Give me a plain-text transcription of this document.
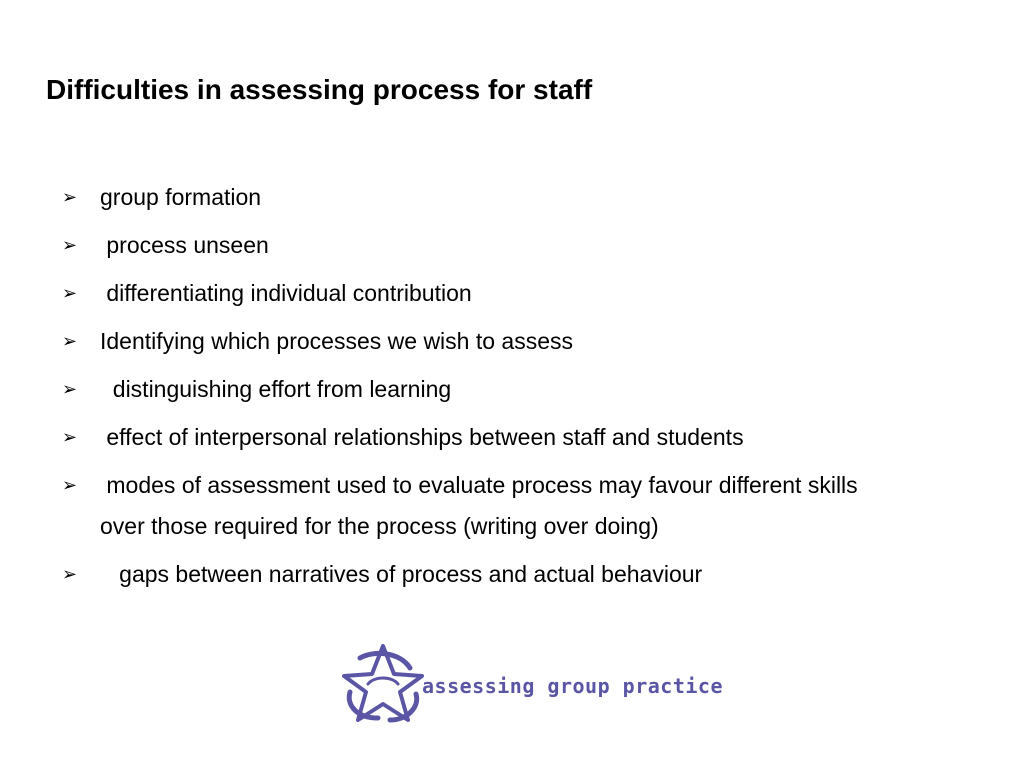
Difficulties in assessing process for staff
➢ group formation
➢ process unseen
➢ differentiating individual contribution
➢ Identifying which processes we wish to assess
➢ distinguishing effort from learning
➢ effect of interpersonal relationships between staff and students
➢ modes of assessment used to evaluate process may favour different skills over those required for the process (writing over doing)
➢ gaps between narratives of process and actual behaviour
assessing group practice
